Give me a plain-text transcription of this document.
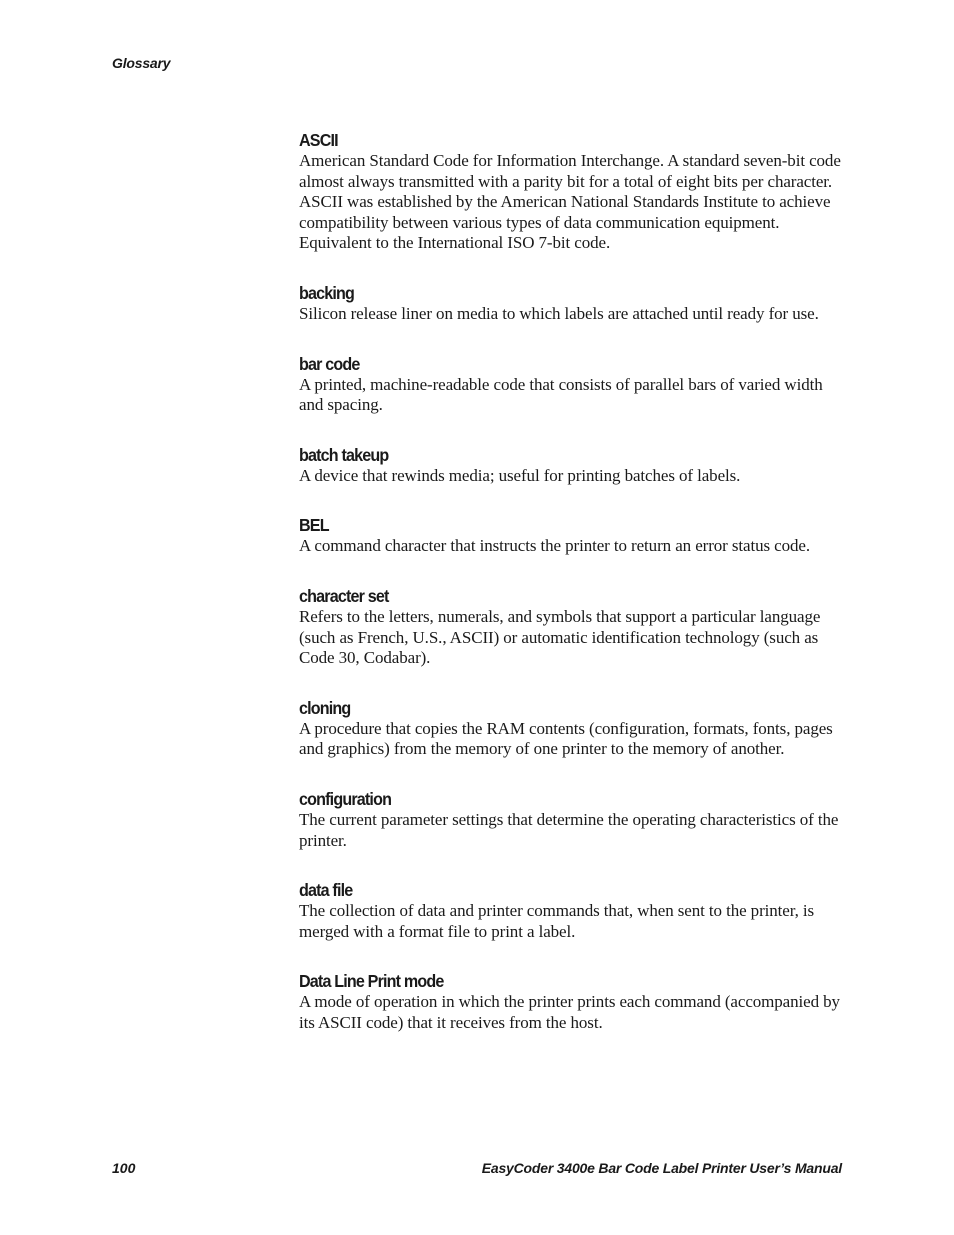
Glossary
ASCII
American Standard Code for Information Interchange. A standard seven-bit code almost always transmitted with a parity bit for a total of eight bits per character. ASCII was established by the American National Standards Institute to achieve compatibility between various types of data communication equipment. Equivalent to the International ISO 7-bit code.
backing
Silicon release liner on media to which labels are attached until ready for use.
bar code
A printed, machine-readable code that consists of parallel bars of varied width and spacing.
batch takeup
A device that rewinds media; useful for printing batches of labels.
BEL
A command character that instructs the printer to return an error status code.
character set
Refers to the letters, numerals, and symbols that support a particular language (such as French, U.S., ASCII) or automatic identification technology (such as Code 30, Codabar).
cloning
A procedure that copies the RAM contents (configuration, formats, fonts, pages and graphics) from the memory of one printer to the memory of another.
configuration
The current parameter settings that determine the operating characteristics of the printer.
data file
The collection of data and printer commands that, when sent to the printer, is merged with a format file to print a label.
Data Line Print mode
A mode of operation in which the printer prints each command (accompanied by its ASCII code) that it receives from the host.
100	EasyCoder 3400e Bar Code Label Printer User’s Manual
